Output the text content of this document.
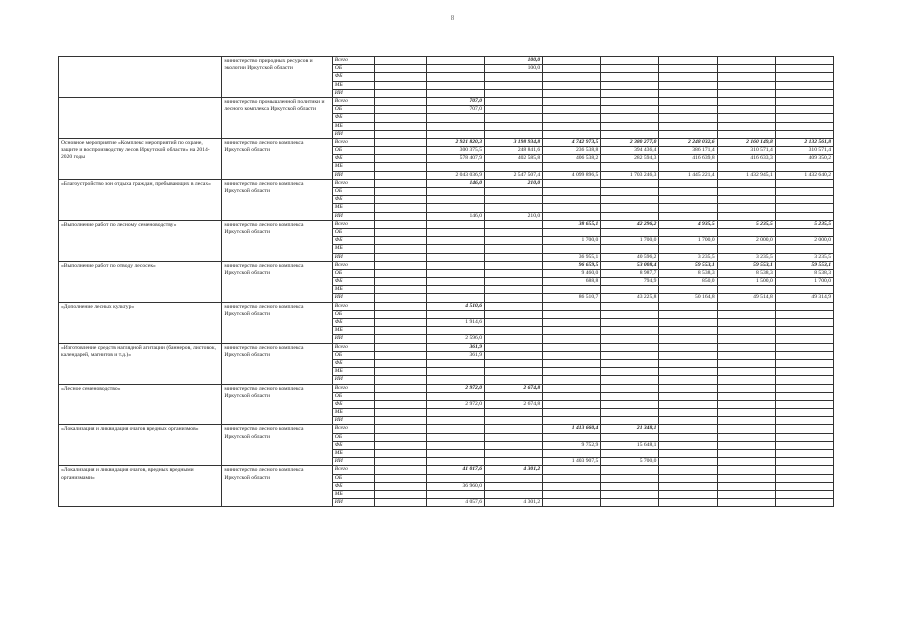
8
	министерство природных ресурсов и экологии Иркутской области	Всего			100,0					
		ОБ			100,0					
		ФБ								
		МБ								
		ИИ								
	министерство промышленной политики и лесного комплекса Иркутской области	Всего		707,0						
		ОБ		707,0						
		ФБ								
		МБ								
		ИИ								
Основное мероприятие «Комплекс мероприятий по охране, защите и воспроизводству лесов Иркутской области» на 2014-2020 годы	министерство лесного комплекса Иркутской области	Всего		2 921 820,3	3 198 934,8	4 742 973,5	2 380 277,0	2 248 032,6	2 160 149,8	2 132 561,8
		ОБ		300 375,5	248 841,6	236 538,8	394 436,4	386 171,4	310 571,4	310 571,4
		ФБ		578 407,9	402 585,8	406 538,2	282 594,3	416 639,8	416 633,3	409 350,2
		МБ								
		ИИ		2 043 036,9	2 547 507,4	4 099 896,5	1 703 246,3	1 445 221,4	1 432 945,1	1 432 640,2
«Благоустройство зон отдыха граждан, пребывающих в лесах»	министерство лесного комплекса Иркутской области	Всего		146,0	210,0					
		ОБ								
		ФБ								
		МБ								
		ИИ		146,0	210,0					
«Выполнение работ по лесному семеноводству»	министерство лесного комплекса Иркутской области	Всего				38 655,1	42 296,2	4 935,5	5 235,5	5 235,5
		ОБ								
		ФБ				1 700,0	1 700,0	1 700,0	2 000,0	2 000,0
		МБ								
		ИИ				36 955,1	40 596,2	3 235,5	3 235,5	3 235,5
«Выполнение работ по отводу лесосек»	министерство лесного комплекса Иркутской области	Всего				96 659,5	53 008,4	59 553,1	59 553,1	59 553,1
		ОБ				9 460,0	8 987,7	8 538,3	8 538,3	8 538,3
		ФБ				688,8	794,9	850,0	1 500,0	1 700,0
		МБ								
		ИИ				86 510,7	43 225,8	50 164,8	49 514,8	49 314,9
«Дополнение лесных культур»	министерство лесного комплекса Иркутской области	Всего		4 510,6						
		ОБ								
		ФБ		1 914,6						
		МБ								
		ИИ		2 596,0						
«Изготовление средств наглядной агитации (баннеров, листовок, календарей, магнитов и т.д.)»	министерство лесного комплекса Иркутской области	Всего		361,9						
		ОБ		361,9						
		ФБ								
		МБ								
		ИИ								
«Лесное семеноводство»	министерство лесного комплекса Иркутской области	Всего		2 972,0	2 674,8					
		ОБ								
		ФБ		2 972,0	2 674,8					
		МБ								
		ИИ								
«Локализация и ликвидация очагов вредных организмов»	министерство лесного комплекса Иркутской области	Всего				1 413 660,4	21 348,1			
		ОБ								
		ФБ				9 752,9	15 648,1			
		МБ								
		ИИ				1 403 907,5	5 700,0			
«Локализация и ликвидация очагов, вредных вредными организмами»	министерство лесного комплекса Иркутской области	Всего		41 017,6	4 301,2					
		ОБ								
		ФБ		36 960,0						
		МБ								
		ИИ		4 057,6	4 301,2					
